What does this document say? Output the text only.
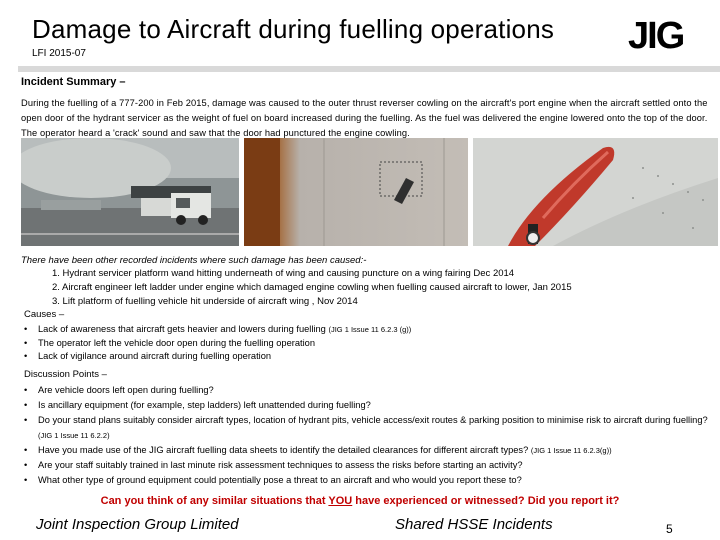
Damage to Aircraft during fuelling operations
LFI 2015-07	JIG
Incident Summary –
During the fuelling of a 777-200 in Feb 2015, damage was caused to the outer thrust reverser cowling on the aircraft's port engine when the aircraft settled onto the open door of the hydrant servicer as the weight of fuel on board increased during the fuelling. As the fuel was delivered the engine lowered onto the top of the door. The operator heard a 'crack' sound and saw that the door had punctured the engine cowling.
There have been other recorded incidents where such damage has been caused:-
1. Hydrant servicer platform wand hitting underneath of wing and causing puncture on a wing fairing Dec 2014
2. Aircraft engineer left ladder under engine which damaged engine cowling when fuelling caused aircraft to lower, Jan 2015
3. Lift platform of fuelling vehicle hit underside of aircraft wing , Nov 2014
Causes –
• Lack of awareness that aircraft gets heavier and lowers during fuelling (JIG 1 Issue 11 6.2.3 (g))
• The operator left the vehicle door open during the fuelling operation
• Lack of vigilance around aircraft during fuelling operation
Discussion Points –
• Are vehicle doors left open during fuelling?
• Is ancillary equipment (for example, step ladders) left unattended during fuelling?
• Do your stand plans suitably consider aircraft types, location of hydrant pits, vehicle access/exit routes & parking position to minimise risk to aircraft during fuelling? (JIG 1 Issue 11 6.2.2)
• Have you made use of the JIG aircraft fuelling data sheets to identify the detailed clearances for different aircraft types? (JIG 1 Issue 11 6.2.3(g))
• Are your staff suitably trained in last minute risk assessment techniques to assess the risks before starting an activity?
• What other type of ground equipment could potentially pose a threat to an aircraft and who would you report these to?
Can you think of any similar situations that YOU have experienced or witnessed? Did you report it?
Joint Inspection Group Limited	Shared HSSE Incidents	5
